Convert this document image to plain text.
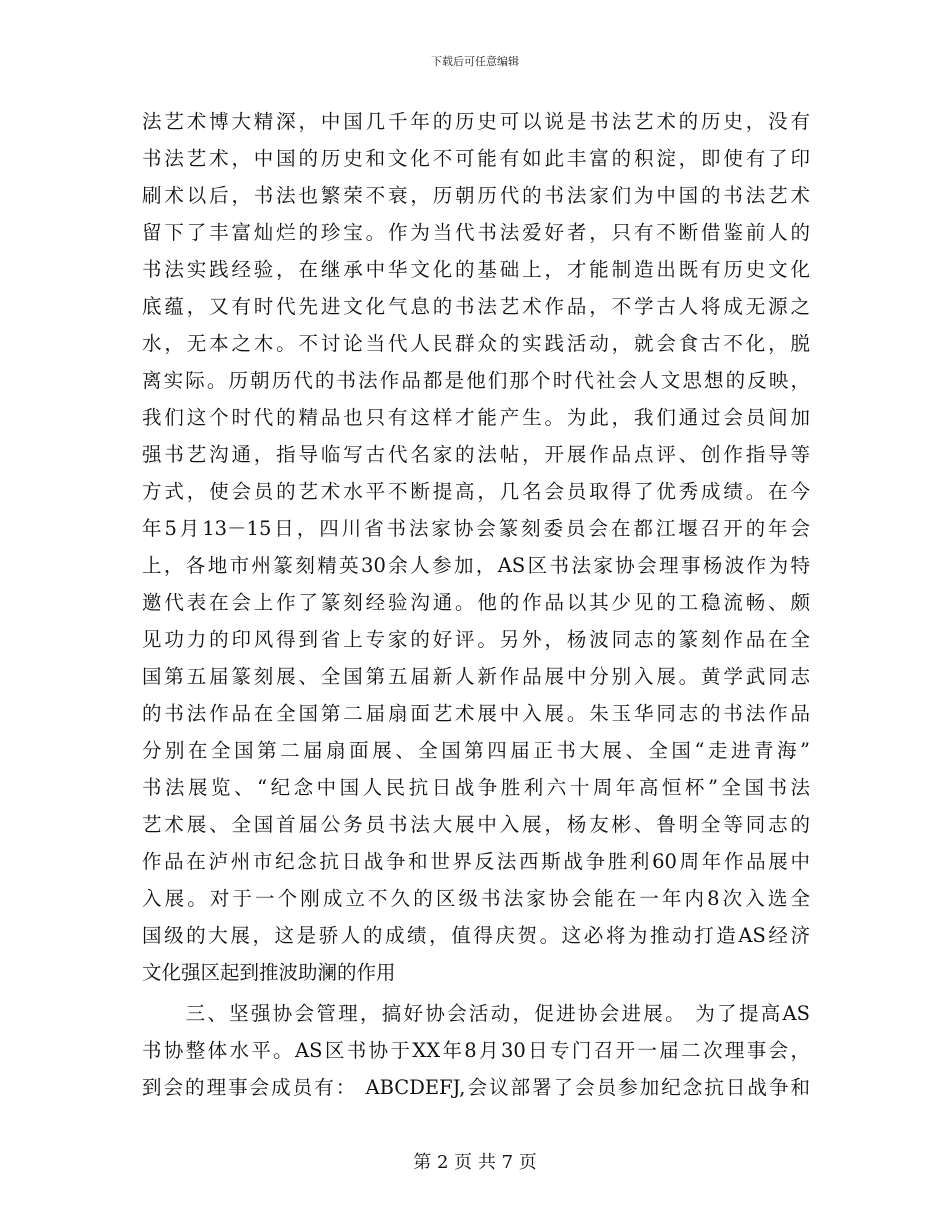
下载后可任意编辑
法艺术博大精深，中国几千年的历史可以说是书法艺术的历史，没有
书法艺术，中国的历史和文化不可能有如此丰富的积淀，即使有了印
刷术以后，书法也繁荣不衰，历朝历代的书法家们为中国的书法艺术
留下了丰富灿烂的珍宝。作为当代书法爱好者，只有不断借鉴前人的
书法实践经验，在继承中华文化的基础上，才能制造出既有历史文化
底蕴，又有时代先进文化气息的书法艺术作品，不学古人将成无源之
水，无本之木。不讨论当代人民群众的实践活动，就会食古不化，脱
离实际。历朝历代的书法作品都是他们那个时代社会人文思想的反映，
我们这个时代的精品也只有这样才能产生。为此，我们通过会员间加
强书艺沟通，指导临写古代名家的法帖，开展作品点评、创作指导等
方式，使会员的艺术水平不断提高，几名会员取得了优秀成绩。在今
年5月13－15日，四川省书法家协会篆刻委员会在都江堰召开的年会
上，各地市州篆刻精英30余人参加，AS区书法家协会理事杨波作为特
邀代表在会上作了篆刻经验沟通。他的作品以其少见的工稳流畅、颇
见功力的印风得到省上专家的好评。另外，杨波同志的篆刻作品在全
国第五届篆刻展、全国第五届新人新作品展中分别入展。黄学武同志
的书法作品在全国第二届扇面艺术展中入展。朱玉华同志的书法作品
分别在全国第二届扇面展、全国第四届正书大展、全国“走进青海”
书法展览、“纪念中国人民抗日战争胜利六十周年高恒杯”全国书法
艺术展、全国首届公务员书法大展中入展，杨友彬、鲁明全等同志的
作品在泸州市纪念抗日战争和世界反法西斯战争胜利60周年作品展中
入展。对于一个刚成立不久的区级书法家协会能在一年内8次入选全
国级的大展，这是骄人的成绩，值得庆贺。这必将为推动打造AS经济
文化强区起到推波助澜的作用
　　三、坚强协会管理，搞好协会活动，促进协会进展。 为了提高AS
书协整体水平。AS区书协于XX年8月30日专门召开一届二次理事会，
到会的理事会成员有： ABCDEFJ,会议部署了会员参加纪念抗日战争和
第 2 页 共 7 页
